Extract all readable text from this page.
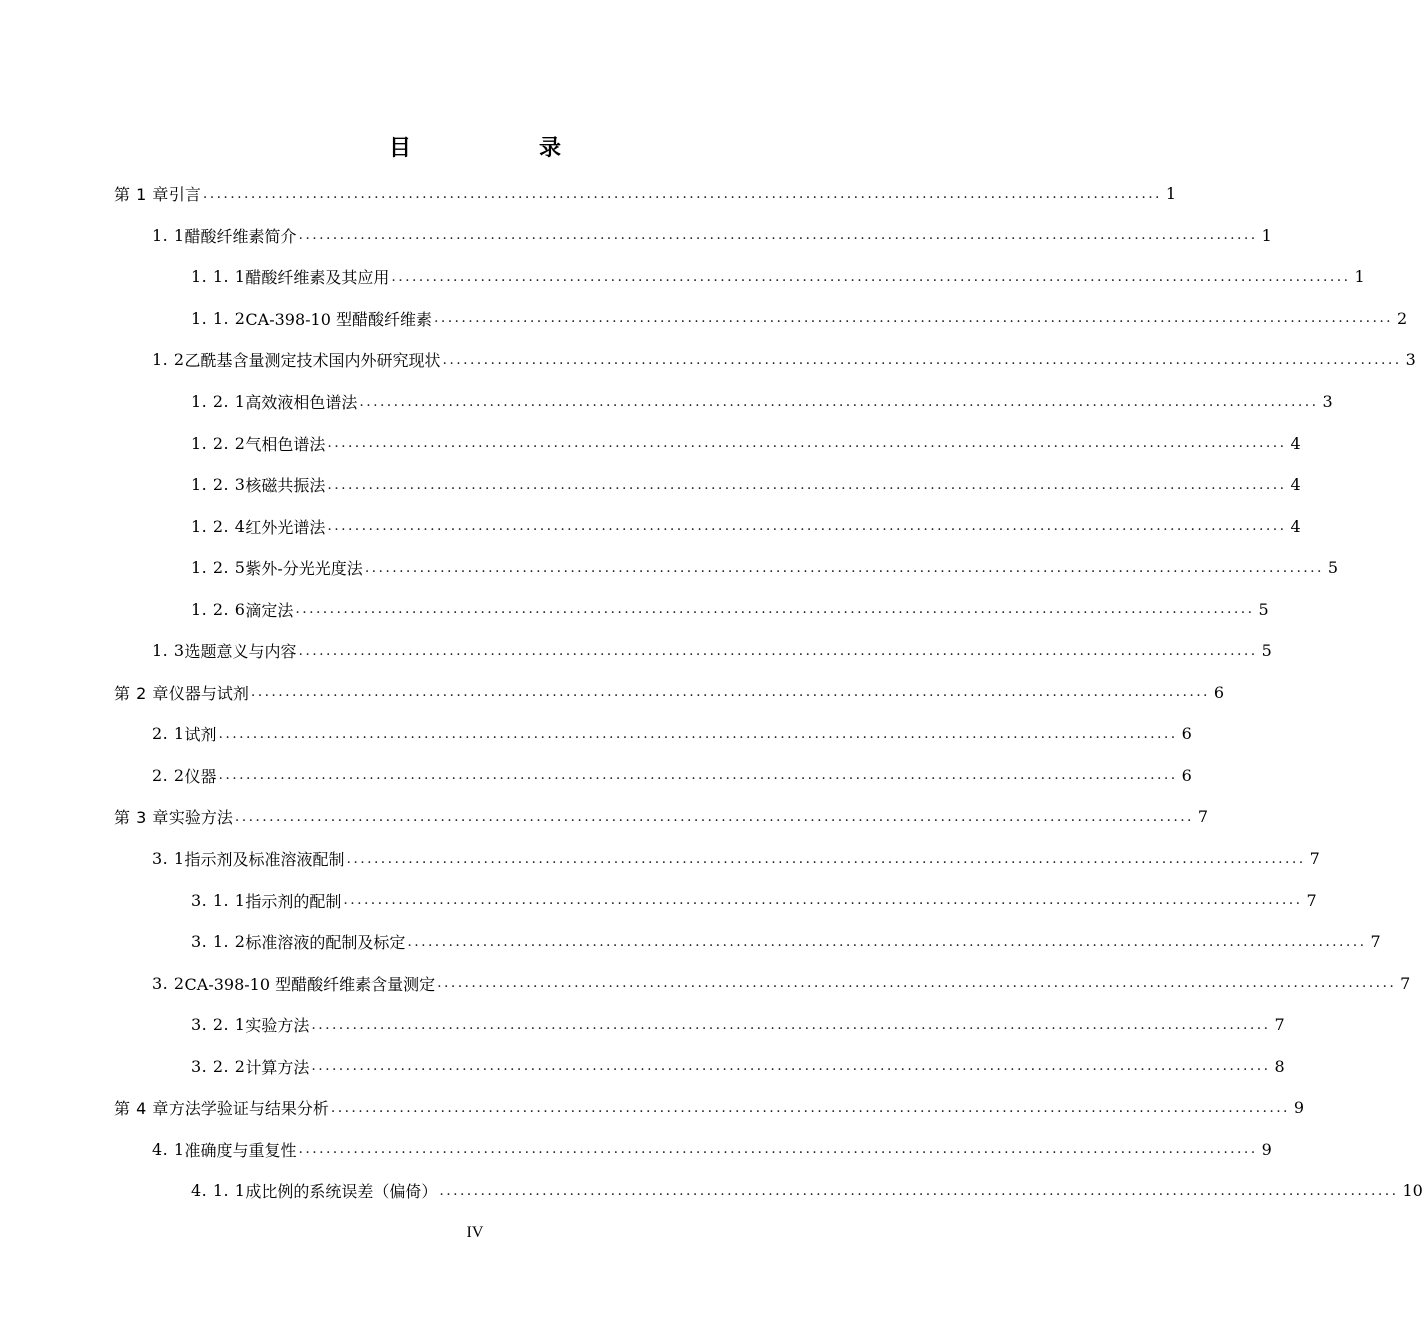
目　　录
第 1 章 引言 ............................................................................................................................................ 1
1. 1 醋酸纤维素简介 ............................................................................................................................................ 1
1. 1. 1 醋酸纤维素及其应用 ............................................................................................................................................ 1
1. 1. 2 CA-398-10 型醋酸纤维素 ............................................................................................................................................ 2
1. 2 乙酰基含量测定技术国内外研究现状 ............................................................................................................................................ 3
1. 2. 1 高效液相色谱法 ............................................................................................................................................ 3
1. 2. 2 气相色谱法 ............................................................................................................................................ 4
1. 2. 3 核磁共振法 ............................................................................................................................................ 4
1. 2. 4 红外光谱法 ............................................................................................................................................ 4
1. 2. 5 紫外-分光光度法 ............................................................................................................................................ 5
1. 2. 6 滴定法 ............................................................................................................................................ 5
1. 3 选题意义与内容 ............................................................................................................................................ 5
第 2 章 仪器与试剂 ............................................................................................................................................ 6
2. 1 试剂 ............................................................................................................................................ 6
2. 2 仪器 ............................................................................................................................................ 6
第 3 章 实验方法 ............................................................................................................................................ 7
3. 1 指示剂及标准溶液配制 ............................................................................................................................................ 7
3. 1. 1 指示剂的配制 ............................................................................................................................................ 7
3. 1. 2 标准溶液的配制及标定 ............................................................................................................................................ 7
3. 2 CA-398-10 型醋酸纤维素含量测定 ............................................................................................................................................ 7
3. 2. 1 实验方法 ............................................................................................................................................ 7
3. 2. 2 计算方法 ............................................................................................................................................ 8
第 4 章 方法学验证与结果分析 ............................................................................................................................................ 9
4. 1 准确度与重复性 ............................................................................................................................................ 9
4. 1. 1 成比例的系统误差（偏倚） ............................................................................................................................................ 10
IV
